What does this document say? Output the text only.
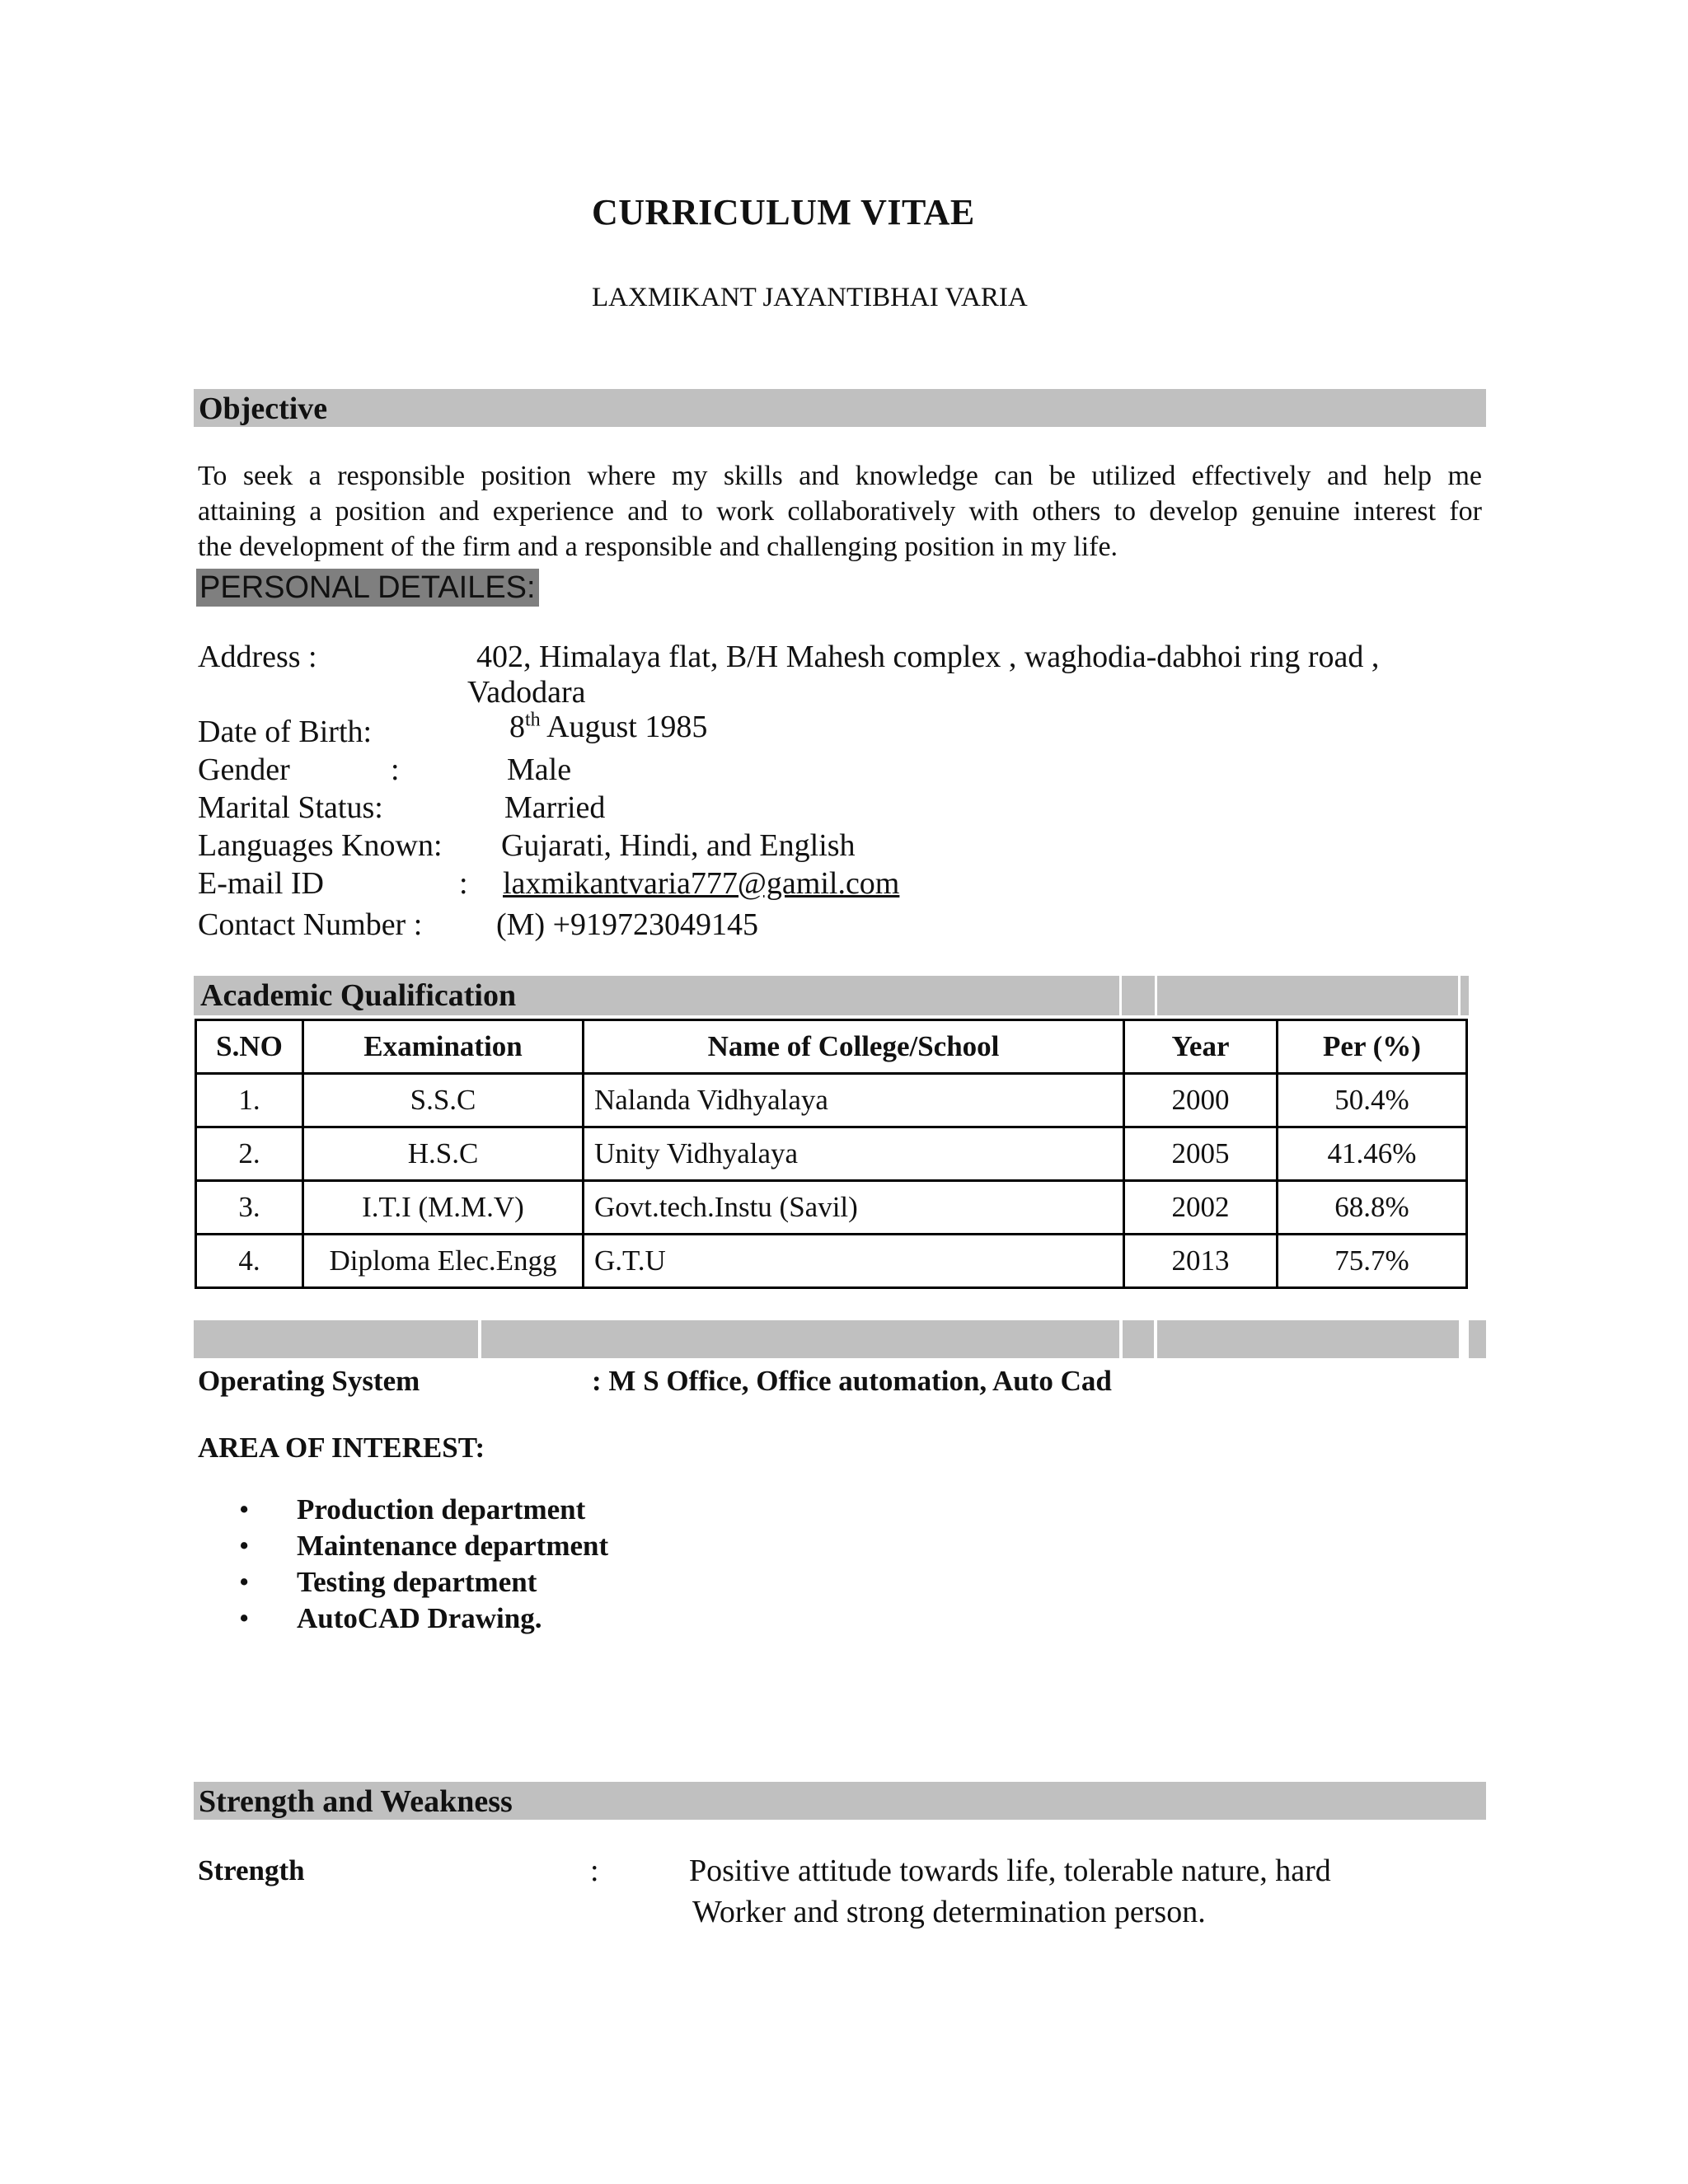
CURRICULUM VITAE
LAXMIKANT JAYANTIBHAI VARIA
Objective
To seek a responsible position where my skills and knowledge can be utilized effectively and help me
attaining a position and experience and to work collaboratively with others to develop genuine interest for
the development of the firm and a responsible and challenging position in my life.
PERSONAL DETAILES:
Address :	402, Himalaya flat, B/H Mahesh complex , waghodia-dabhoi ring road ,
Vadodara
Date of Birth:	8th August 1985
Gender	:	Male
Marital Status:	Married
Languages Known: Gujarati, Hindi, and English
E-mail ID	: laxmikantvaria777@gamil.com
Contact Number : (M) +919723049145
Academic Qualification
S.NO	Examination	Name of College/School	Year	Per (%)
1.	S.S.C	Nalanda Vidhyalaya	2000	50.4%
2.	H.S.C	Unity Vidhyalaya	2005	41.46%
3.	I.T.I (M.M.V)	Govt.tech.Instu (Savil)	2002	68.8%
4.	Diploma Elec.Engg	G.T.U	2013	75.7%
Operating System	: M S Office, Office automation, Auto Cad
AREA OF INTEREST:
• Production department
• Maintenance department
• Testing department
• AutoCAD Drawing.
Strength and Weakness
Strength	:	Positive attitude towards life, tolerable nature, hard
Worker and strong determination person.
